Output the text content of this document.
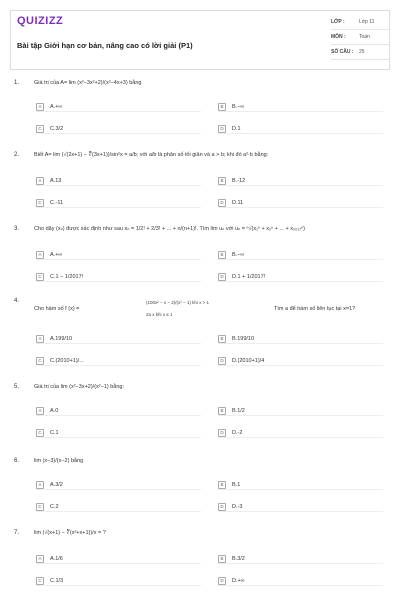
QUIZIZZ
Bài tập Giới hạn cơ bản, nâng cao có lời giải (P1)
LỚP :	Lớp 11
MÔN :	Toán
SỐ CÂU :	25
1.	Giá trị của A= lim (x²−3x²+2)/(x²−4x+3) bằng
A	A.+∞	B	B.−∞
C	C.3/2	D	D.1
2.	Biết A= lim (√(2x+1) − ∛(3x+1))/sin²x = a/b; với a/b là phân số tối giản và a > b; khi đó a²·b bằng:
A	A.13	B	B.-12
C	C.-11	D	D.11
3.	Cho dãy (xₙ) được xác định như sau xₙ = 1/2! + 2/3! + ... + n/(n+1)!. Tìm lim uₙ với uₙ = ⁿ√(x₁ⁿ + x₂ⁿ + ... + x₂₀₁₇ⁿ)
A	A.+∞	B	B.−∞
C	C.1 − 1/2017!	D	D.1 + 1/2017!
4.
Cho hàm số f (x) =
(100x² − x − 2)/(x² − 1) khi x > 1
2a x khi x ≤ 1
Tìm a để hàm số liên tục tại x=1?
A	A.199/10	B	B.199/10
C	C.(2010+1)/...	D	D.(2010+1)/4
5.	Giá trị của lim (x²−3x+2)/(x²−1) bằng:
A	A.0	B	B.1/2
C	C.1	D	D.-2
6.	lim (x−3)/(x−2) bằng
A	A.3/2	B	B.1
C	C.2	D	D.-3
7.	lim (√(x+1) − ∛(x²+x+1))/x = ?
A	A.1/6	B	B.3/2
C	C.1/3	D	D.+∞
